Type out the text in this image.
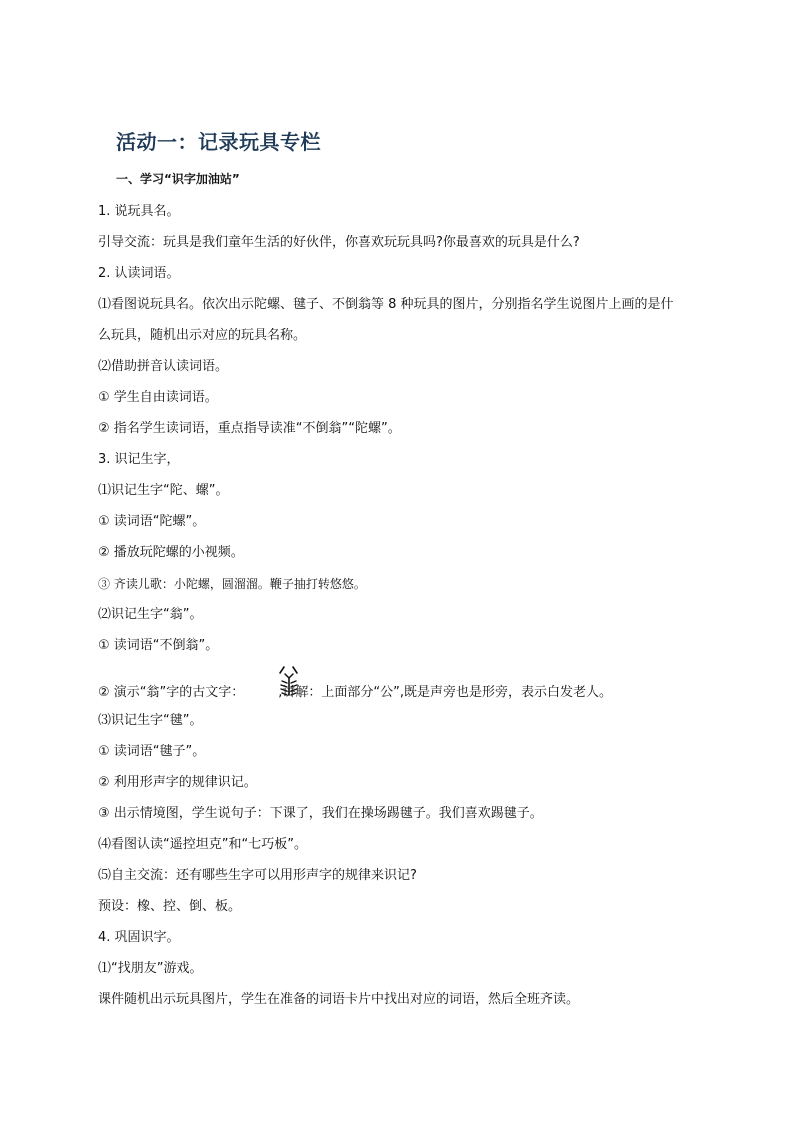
活动一：记录玩具专栏
一、学习“识字加油站”
1. 说玩具名。
引导交流：玩具是我们童年生活的好伙伴，你喜欢玩玩具吗?你最喜欢的玩具是什么?
2. 认读词语。
⑴看图说玩具名。依次出示陀螺、毽子、不倒翁等 8 种玩具的图片，分别指名学生说图片上画的是什
么玩具，随机出示对应的玩具名称。
⑵借助拼音认读词语。
① 学生自由读词语。
② 指名学生读词语，重点指导读准“不倒翁”“陀螺”。
3. 识记生字，
⑴识记生字“陀、螺”。
① 读词语“陀螺”。
② 播放玩陀螺的小视频。
③ 齐读儿歌：小陀螺，圆溜溜。鞭子抽打转悠悠。
⑵识记生字“翁”。
① 读词语“不倒翁”。
② 演示“翁”字的古文字：	,讲解：上面部分“公”,既是声旁也是形旁，表示白发老人。
⑶识记生字“毽”。
① 读词语“毽子”。
② 利用形声字的规律识记。
③ 出示情境图，学生说句子：下课了，我们在操场踢毽子。我们喜欢踢毽子。
⑷看图认读“遥控坦克”和“七巧板”。
⑸自主交流：还有哪些生字可以用形声字的规律来识记?
预设：橡、控、倒、板。
4. 巩固识字。
⑴“找朋友”游戏。
课件随机出示玩具图片，学生在准备的词语卡片中找出对应的词语，然后全班齐读。
